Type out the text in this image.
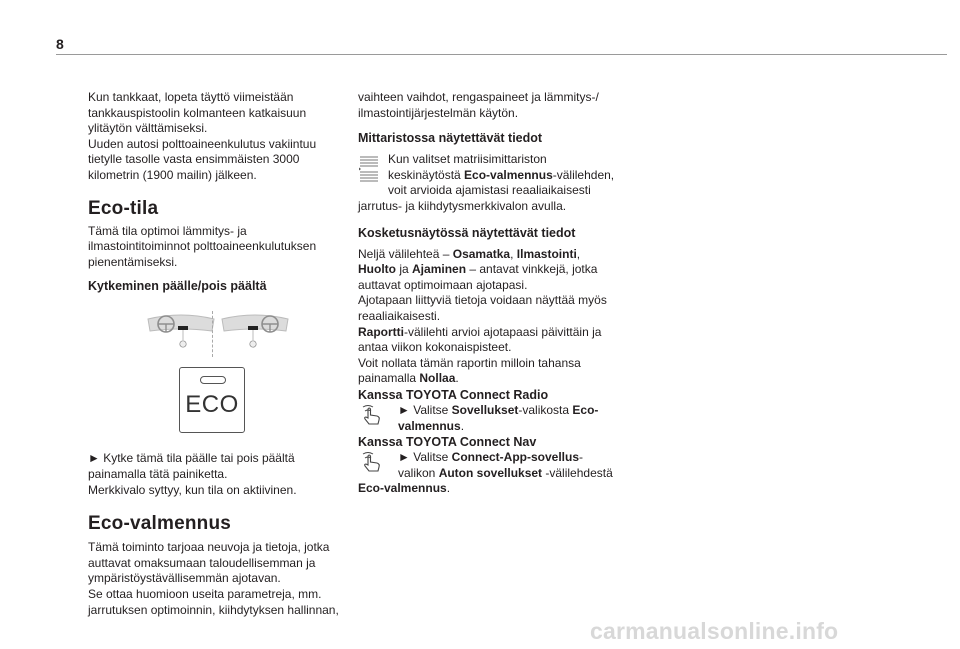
8

Kun tankkaat, lopeta täyttö viimeistään tankkauspistoolin kolmanteen katkaisuun ylitäytön välttämiseksi.

Uuden autosi polttoaineenkulutus vakiintuu tietylle tasolle vasta ensimmäisten 3000 kilometrin (1900 mailin) jälkeen.

Eco-tila

Tämä tila optimoi lämmitys- ja ilmastointitoiminnot polttoaineenkulutuksen pienentämiseksi.

Kytkeminen päälle/pois päältä

ECO

► Kytke tämä tila päälle tai pois päältä painamalla tätä painiketta.

Merkkivalo syttyy, kun tila on aktiivinen.

Eco-valmennus

Tämä toiminto tarjoaa neuvoja ja tietoja, jotka auttavat omaksumaan taloudellisemman ja ympäristöystävällisemmän ajotavan.

Se ottaa huomioon useita parametreja, mm. jarrutuksen optimoinnin, kiihdytyksen hallinnan,

vaihteen vaihdot, rengaspaineet ja lämmitys-/ ilmastointijärjestelmän käytön.

Mittaristossa näytettävät tiedot

Kun valitset matriisimittariston keskinäytöstä Eco-valmennus-välilehden, voit arvioida ajamistasi reaaliaikaisesti jarrutus- ja kiihdytysmerkkivalon avulla.

Kosketusnäytössä näytettävät tiedot

Neljä välilehteä – Osamatka, Ilmastointi, Huolto ja Ajaminen – antavat vinkkejä, jotka auttavat optimoimaan ajotapasi.

Ajotapaan liittyviä tietoja voidaan näyttää myös reaaliaikaisesti.

Raportti-välilehti arvioi ajotapaasi päivittäin ja antaa viikon kokonaispisteet.

Voit nollata tämän raportin milloin tahansa painamalla Nollaa.

Kanssa TOYOTA Connect Radio

► Valitse Sovellukset-valikosta Eco-valmennus.

Kanssa TOYOTA Connect Nav

► Valitse Connect-App-sovellus-valikon Auton sovellukset -välilehdestä

Eco-valmennus.

carmanualsonline.info
